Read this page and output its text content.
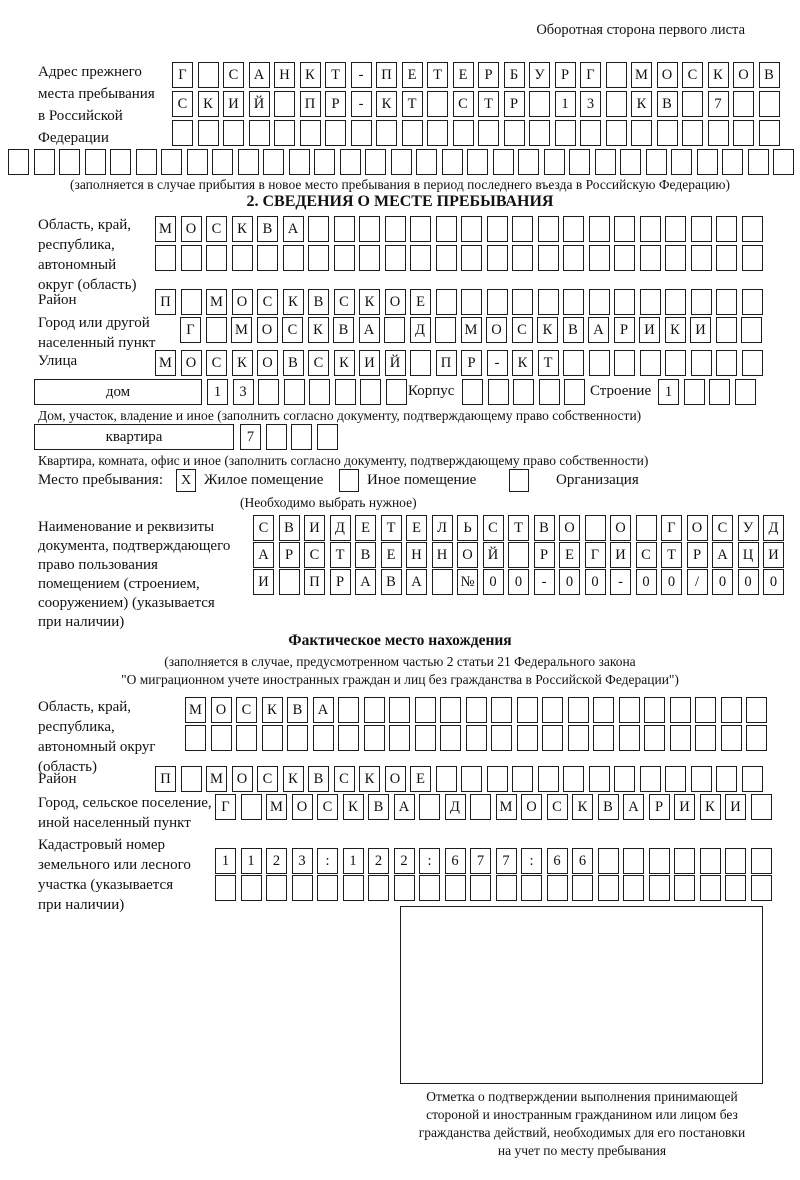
Оборотная сторона первого листа
Адрес прежнего
места пребывания
в Российской
Федерации
Г	С	А	Н	К	Т	-	П	Е	Т	Е	Р	Б	У	Р	Г	М О	С	К	О	В
С	К	И	Й	П	Р	-	К	Т	С	Т	Р	1	3	К	В	7
(заполняется в случае прибытия в новое место пребывания в период последнего въезда в Российскую Федерацию)
2. СВЕДЕНИЯ О МЕСТЕ ПРЕБЫВАНИЯ
Область, край,
республика,
автономный
округ (область)
М О	С	К	В	А
Район	П	М О	С	К	В	С	К	О	Е
Город или другой
населенный пункт
Г	М О	С	К	В	А	Д	М О	С	К	В	А	Р	И	К	И
Улица	М О	С	К	О	В	С	К	И	Й	П	Р	-	К	Т
дом	1	3	Корпус	Строение 1
Дом, участок, владение и иное (заполнить согласно документу, подтверждающему право собственности)
квартира	7
Квартира, комната, офис и иное (заполнить согласно документу, подтверждающему право собственности)
Место пребывания:	X Жилое помещение	Иное помещение	Организация
(Необходимо выбрать нужное)
Наименование и реквизиты
документа, подтверждающего
право пользования
помещением (строением,
сооружением) (указывается
при наличии)
С	В	И	Д	Е	Т	Е	Л	Ь	С	Т	В	О	О	Г	О	С	У	Д
А	Р	С	Т	В	Е	Н	Н	О	Й	Р	Е	Г	И	С	Т	Р	А	Ц	И
И	П	Р	А	В	А	№	0	0	-	0	0	-	0	0	/	0	0	0
Фактическое место нахождения
(заполняется в случае, предусмотренном частью 2 статьи 21 Федерального закона
"О миграционном учете иностранных граждан и лиц без гражданства в Российской Федерации")
Область, край,
республика,
автономный округ
(область)
М О	С	К	В	А
Район	П	М О	С	К	В	С	К	О	Е
Город, сельское поселение,
иной населенный пункт
Г	М О	С	К	В	А	Д	М О	С	К	В	А	Р	И	К	И
Кадастровый номер
земельного или лесного
участка (указывается
при наличии)
1	1	2	3	:	1	2	2	:	6	7	7	:	6	6
Отметка о подтверждении выполнения принимающей
стороной и иностранным гражданином или лицом без
гражданства действий, необходимых для его постановки
на учет по месту пребывания
